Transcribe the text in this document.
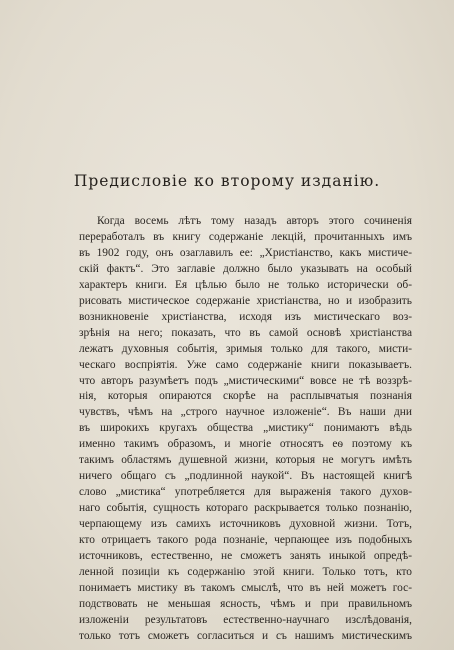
Предисловіе ко второму изданію.
Когда восемь лѣтъ тому назадъ авторъ этого сочиненія
переработалъ въ книгу содержаніе лекцій, прочитанныхъ имъ
въ 1902 году, онъ озаглавилъ ее: „Христіанство, какъ мистиче-
скій фактъ“. Это заглавіе должно было указывать на особый
характеръ книги. Ея цѣлью было не только исторически об-
рисовать мистическое содержаніе христіанства, но и изобразить
возникновеніе христіанства, исходя изъ мистическаго воз-
зрѣнія на него; показать, что въ самой основѣ христіанства
лежатъ духовныя событія, зримыя только для такого, мисти-
ческаго воспріятія. Уже само содержаніе книги показываетъ.
что авторъ разумѣетъ подъ „мистическими“ вовсе не тѣ воззрѣ-
нія, которыя опираются скорѣе на расплывчатыя познанія
чувствъ, чѣмъ на „строго научное изложеніе“. Въ наши дни
въ широкихъ кругахъ общества „мистику“ понимаютъ вѣдь
именно такимъ образомъ, и многіе относятъ еѳ поэтому къ
такимъ областямъ душевной жизни, которыя не могутъ имѣть
ничего общаго съ „подлинной наукой“. Въ настоящей книгѣ
слово „мистика“ употребляется для выраженія такого духов-
наго событія, сущность котораго раскрывается только познанію,
черпающему изъ самихъ источниковъ духовной жизни. Тотъ,
кто отрицаетъ такого рода познаніе, черпающее изъ подобныхъ
источниковъ, естественно, не сможетъ занять иныкой опредѣ-
ленной позиціи къ содержанію этой книги. Только тотъ, кто
понимаетъ мистику въ такомъ смыслѣ, что въ ней можетъ гос-
подствовать не меньшая ясность, чѣмъ и при правильномъ
изложеніи результатовъ естественно-научнаго изслѣдованія,
только тотъ сможетъ согласиться и съ нашимъ мистическимъ
